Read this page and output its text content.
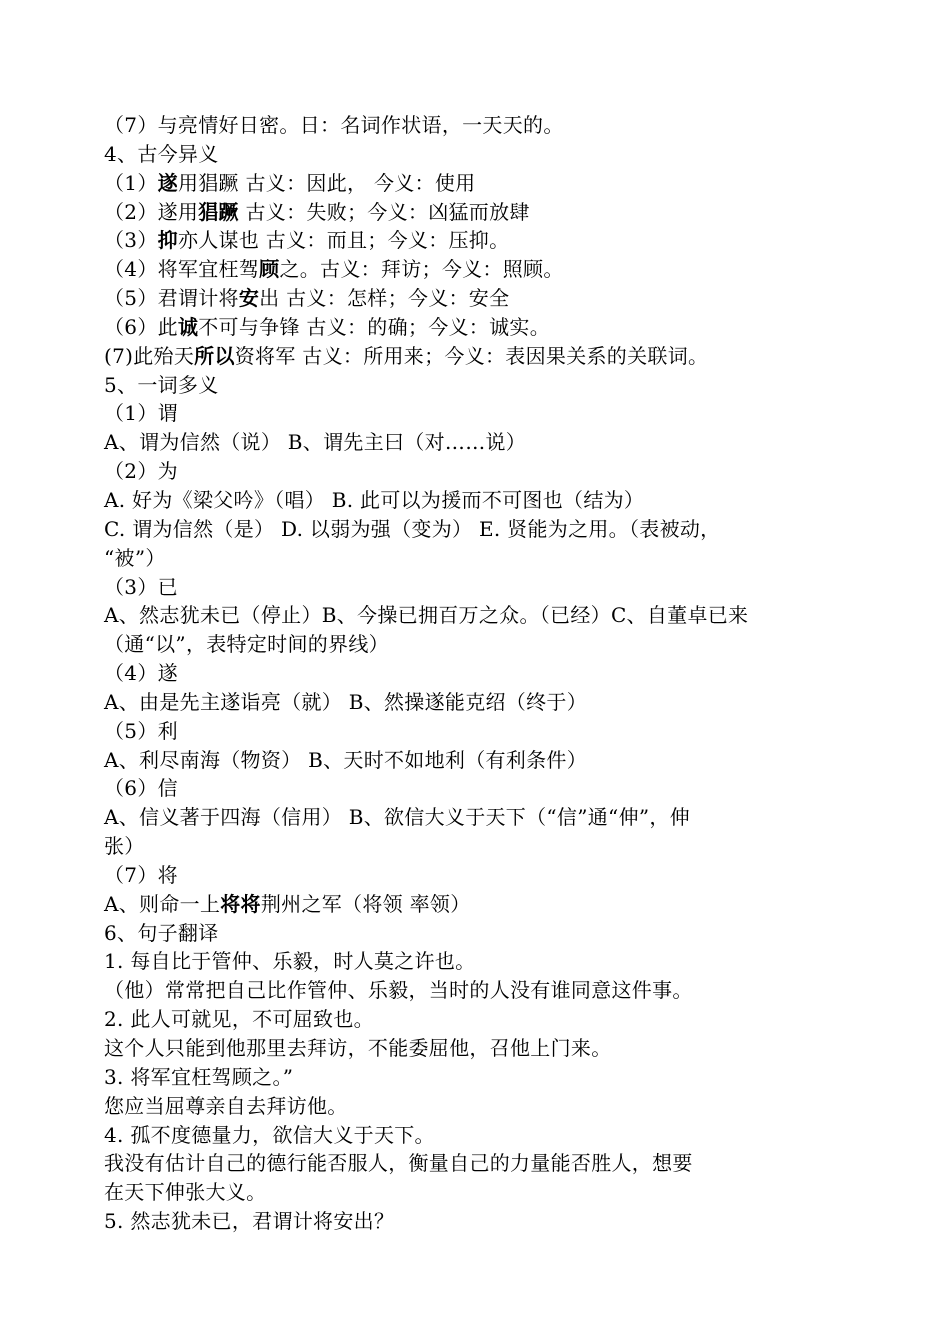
（7）与亮情好日密。日：名词作状语，一天天的。
4、古今异义
（1）遂用猖蹶 古义：因此， 今义：使用
（2）遂用猖蹶 古义：失败；今义：凶猛而放肆
（3）抑亦人谋也 古义：而且；今义：压抑。
（4）将军宜枉驾顾之。古义：拜访；今义：照顾。
（5）君谓计将安出 古义：怎样；今义：安全
（6）此诚不可与争锋 古义：的确；今义：诚实。
(7)此殆天所以资将军 古义：所用来；今义：表因果关系的关联词。
5、一词多义
（1）谓
A、谓为信然（说） B、谓先主曰（对……说）
（2）为
A. 好为《梁父吟》（唱） B. 此可以为援而不可图也（结为）
C. 谓为信然（是） D. 以弱为强（变为） E. 贤能为之用。（表被动，
“被”）
（3）已
A、然志犹未已（停止）B、今操已拥百万之众。（已经）C、自董卓已来
（通“以”，表特定时间的界线）
（4）遂
A、由是先主遂诣亮（就） B、然操遂能克绍（终于）
（5）利
A、利尽南海（物资） B、天时不如地利（有利条件）
（6）信
A、信义著于四海（信用） B、欲信大义于天下（“信”通“伸”，伸
张）
（7）将
A、则命一上将将荆州之军（将领 率领）
6、句子翻译
1. 每自比于管仲、乐毅，时人莫之许也。
（他）常常把自己比作管仲、乐毅，当时的人没有谁同意这件事。
2. 此人可就见，不可屈致也。
这个人只能到他那里去拜访，不能委屈他，召他上门来。
3. 将军宜枉驾顾之。”
您应当屈尊亲自去拜访他。
4. 孤不度德量力，欲信大义于天下。
我没有估计自己的德行能否服人，衡量自己的力量能否胜人，想要
在天下伸张大义。
5. 然志犹未已，君谓计将安出？
